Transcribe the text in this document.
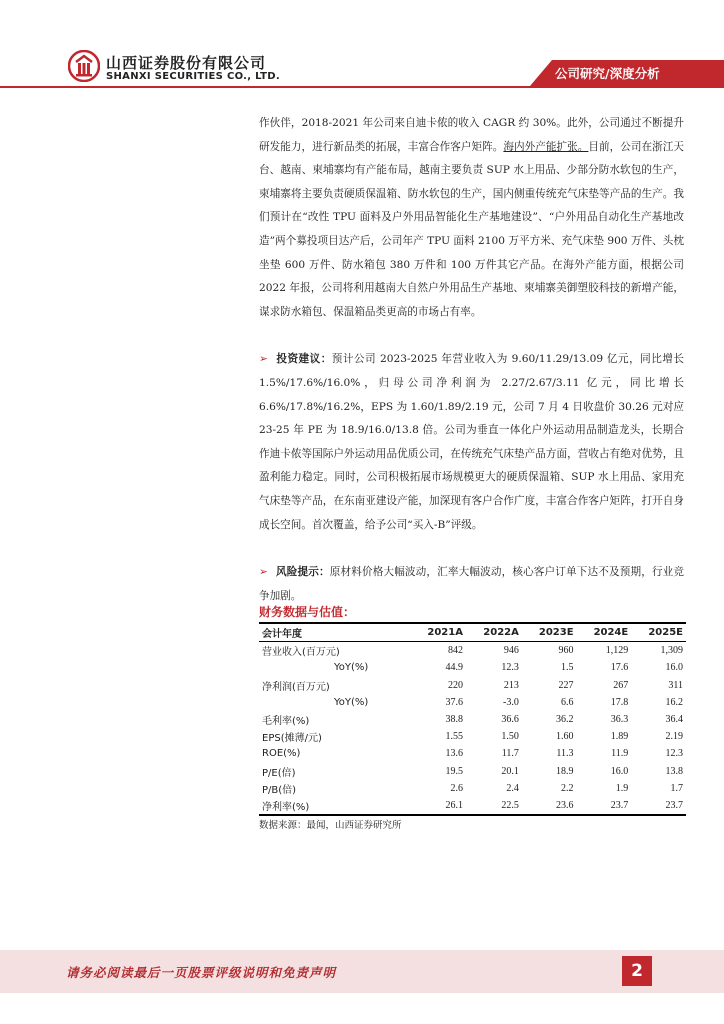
山西证券股份有限公司
SHANXI SECURITIES CO., LTD.	公司研究/深度分析

作伙伴，2018-2021 年公司来自迪卡侬的收入 CAGR 约 30%。此外，公司通过不断提升研发能力，进行新品类的拓展，丰富合作客户矩阵。海内外产能扩张。目前，公司在浙江天台、越南、柬埔寨均有产能布局，越南主要负责 SUP 水上用品、少部分防水软包的生产，柬埔寨将主要负责硬质保温箱、防水软包的生产，国内侧重传统充气床垫等产品的生产。我们预计在“改性 TPU 面料及户外用品智能化生产基地建设”、“户外用品自动化生产基地改造”两个募投项目达产后，公司年产 TPU 面料 2100 万平方米、充气床垫 900 万件、头枕坐垫 600 万件、防水箱包 380 万件和 100 万件其它产品。在海外产能方面，根据公司 2022 年报，公司将利用越南大自然户外用品生产基地、柬埔寨美御塑胶科技的新增产能，谋求防水箱包、保温箱品类更高的市场占有率。

➢ 投资建议：预计公司 2023-2025 年营业收入为 9.60/11.29/13.09 亿元，同比增长 1.5%/17.6%/16.0%，归母公司净利润为 2.27/2.67/3.11 亿元，同比增长 6.6%/17.8%/16.2%，EPS 为 1.60/1.89/2.19 元，公司 7 月 4 日收盘价 30.26 元对应 23-25 年 PE 为 18.9/16.0/13.8 倍。公司为垂直一体化户外运动用品制造龙头，长期合作迪卡侬等国际户外运动用品优质公司，在传统充气床垫产品方面，营收占有绝对优势，且盈利能力稳定。同时，公司积极拓展市场规模更大的硬质保温箱、SUP 水上用品、家用充气床垫等产品，在东南亚建设产能，加深现有客户合作广度，丰富合作客户矩阵，打开自身成长空间。首次覆盖，给予公司“买入-B”评级。

➢ 风险提示：原材料价格大幅波动，汇率大幅波动，核心客户订单下达不及预期，行业竞争加剧。

财务数据与估值：
会计年度	2021A	2022A	2023E	2024E	2025E
营业收入(百万元)	842	946	960	1,129	1,309
YoY(%)	44.9	12.3	1.5	17.6	16.0
净利润(百万元)	220	213	227	267	311
YoY(%)	37.6	-3.0	6.6	17.8	16.2
毛利率(%)	38.8	36.6	36.2	36.3	36.4
EPS(摊薄/元)	1.55	1.50	1.60	1.89	2.19
ROE(%)	13.6	11.7	11.3	11.9	12.3
P/E(倍)	19.5	20.1	18.9	16.0	13.8
P/B(倍)	2.6	2.4	2.2	1.9	1.7
净利率(%)	26.1	22.5	23.6	23.7	23.7
数据来源：最闻，山西证券研究所
请务必阅读最后一页股票评级说明和免责声明	2
